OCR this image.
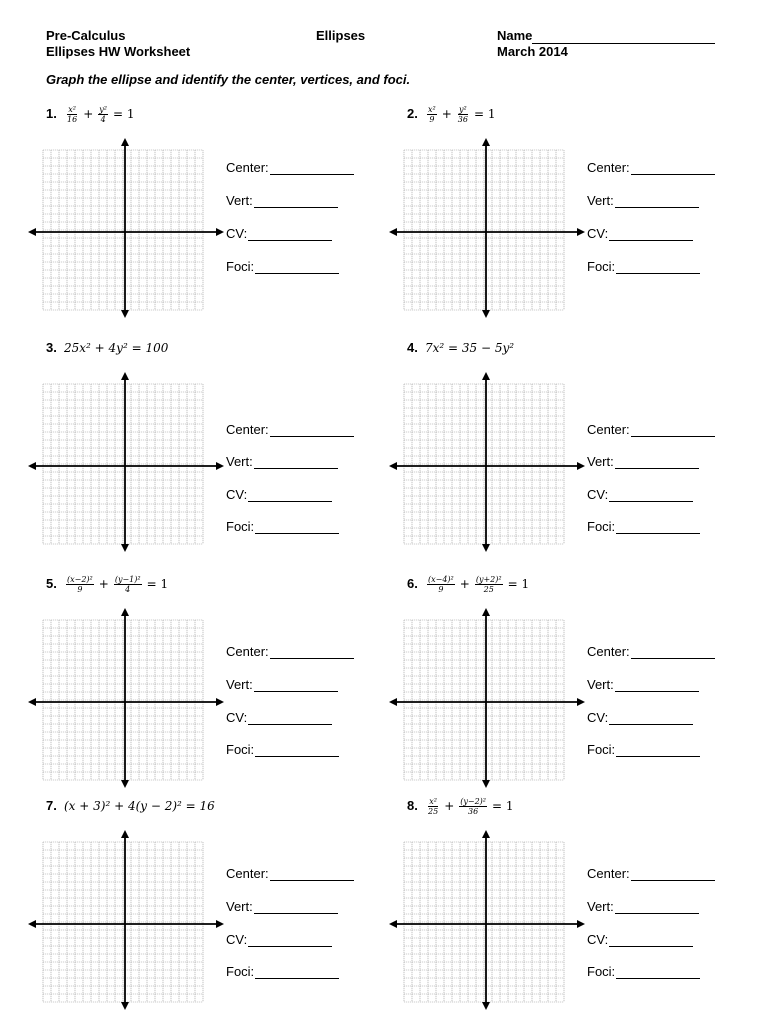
Pre-Calculus
Ellipses HW Worksheet
Ellipses	Name
March 2014
Graph the ellipse and identify the center, vertices, and foci.
1. $\frac{\text{x²}}{16} + \frac{\text{y²}}{4} = 1$
Center:
Vert:
CV:
Foci:
2. $\frac{\text{x²}}{9} + \frac{\text{y²}}{36} = 1$
Center:
Vert:
CV:
Foci:
3. 25x² + 4y² = 100
Center:
Vert:
CV:
Foci:
4. 7x² = 35 − 5y²
Center:
Vert:
CV:
Foci:
5. $\frac{\text{(x−2)²}}{9} + \frac{\text{(y−1)²}}{4} = 1$
Center:
Vert:
CV:
Foci:
6. $\frac{\text{(x−4)²}}{9} + \frac{\text{(y+2)²}}{25} = 1$
Center:
Vert:
CV:
Foci:
7. (x + 3)² + 4(y − 2)² = 16
Center:
Vert:
CV:
Foci:
8. $\frac{\text{x²}}{25} + \frac{\text{(y−2)²}}{36} = 1$
Center:
Vert:
CV:
Foci:
